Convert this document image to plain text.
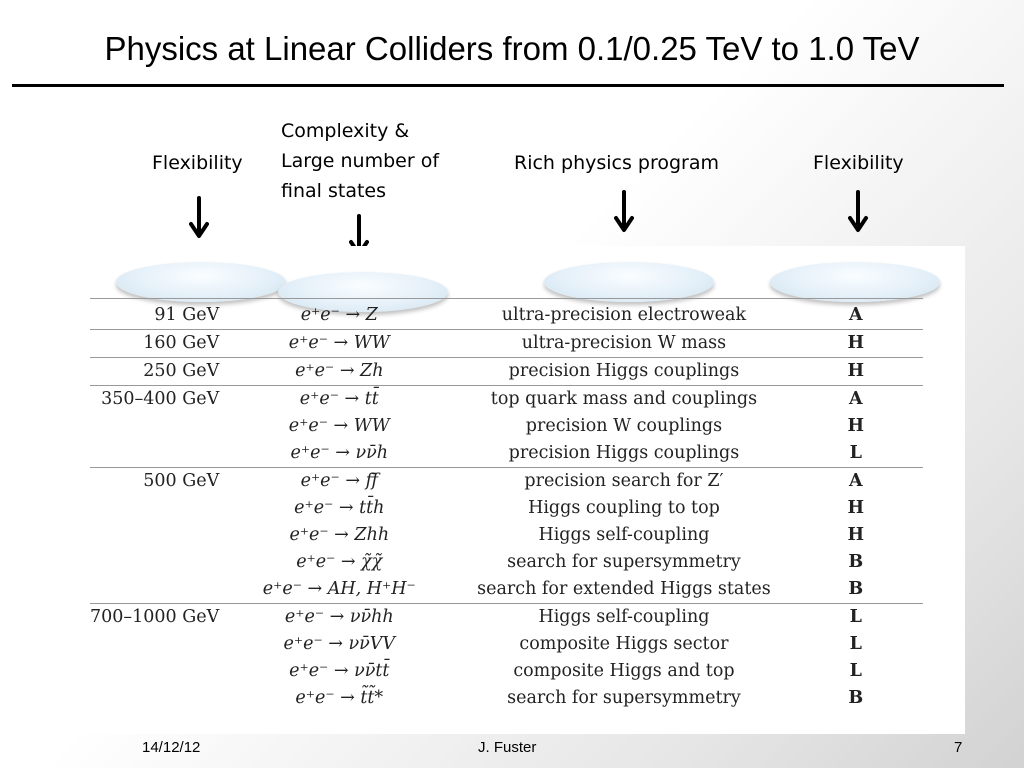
Physics at Linear Colliders from 0.1/0.25 TeV to 1.0 TeV
Flexibility
Complexity &
Large number of
final states
Rich physics program	Flexibility
91 GeV	e⁺e⁻ → Z	ultra-precision electroweak	A
160 GeV	e⁺e⁻ → WW	ultra-precision W mass	H
250 GeV	e⁺e⁻ → Zh	precision Higgs couplings	H
350–400 GeV	e⁺e⁻ → tt̄	top quark mass and couplings	A
	e⁺e⁻ → WW	precision W couplings	H
	e⁺e⁻ → νν̄h	precision Higgs couplings	L
500 GeV	e⁺e⁻ → ff̄	precision search for Z′	A
	e⁺e⁻ → tt̄h	Higgs coupling to top	H
	e⁺e⁻ → Zhh	Higgs self-coupling	H
	e⁺e⁻ → χ̃χ̃	search for supersymmetry	B
	e⁺e⁻ → AH, H⁺H⁻	search for extended Higgs states	B
700–1000 GeV	e⁺e⁻ → νν̄hh	Higgs self-coupling	L
	e⁺e⁻ → νν̄VV	composite Higgs sector	L
	e⁺e⁻ → νν̄tt̄	composite Higgs and top	L
	e⁺e⁻ → t̃t̃*	search for supersymmetry	B
14/12/12	J. Fuster	7
